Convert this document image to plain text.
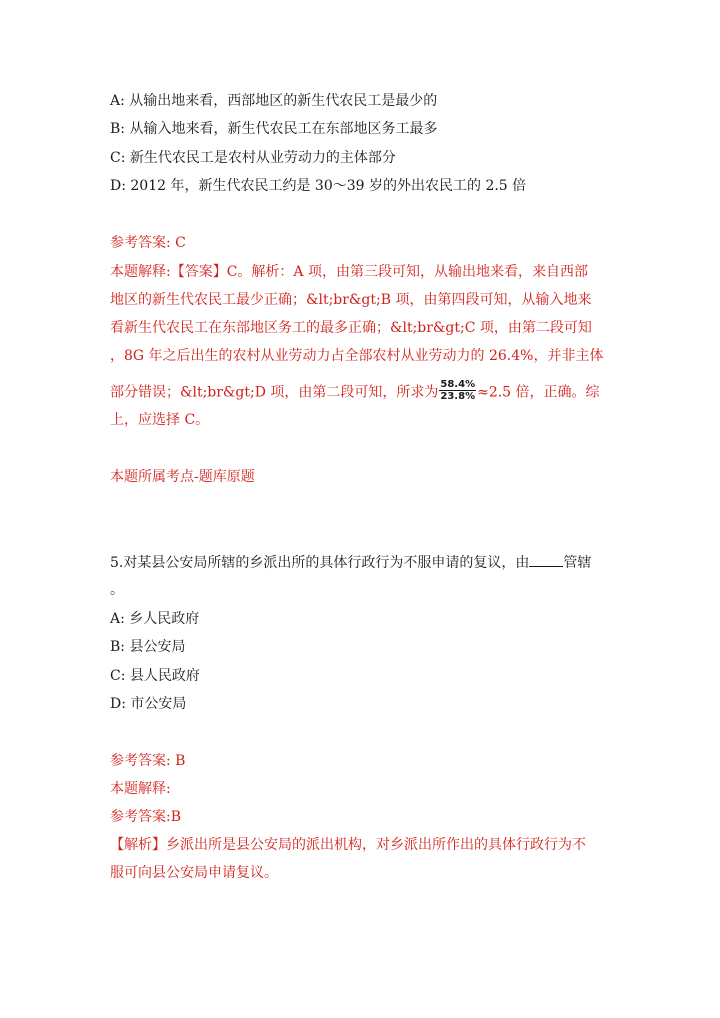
A: 从输出地来看，西部地区的新生代农民工是最少的
B: 从输入地来看，新生代农民工在东部地区务工最多
C: 新生代农民工是农村从业劳动力的主体部分
D: 2012 年，新生代农民工约是 30～39 岁的外出农民工的 2.5 倍
参考答案: C
本题解释:【答案】C。解析：A 项，由第三段可知，从输出地来看，来自西部
地区的新生代农民工最少正确；&lt;br&gt;B 项，由第四段可知，从输入地来
看新生代农民工在东部地区务工的最多正确；&lt;br&gt;C 项，由第二段可知
，8G 年之后出生的农村从业劳动力占全部农村从业劳动力的 26.4%，并非主体
部分错误；&lt;br&gt;D 项，由第二段可知，所求为 $\frac{58.4\%}{23.8\%} \approx 2.5$ 倍，正确。综
上，应选择 C。
本题所属考点-题库原题
5.对某县公安局所辖的乡派出所的具体行政行为不服申请的复议，由 管辖
。
A: 乡人民政府
B: 县公安局
C: 县人民政府
D: 市公安局
参考答案: B
本题解释:
参考答案:B
【解析】乡派出所是县公安局的派出机构，对乡派出所作出的具体行政行为不
服可向县公安局申请复议。
